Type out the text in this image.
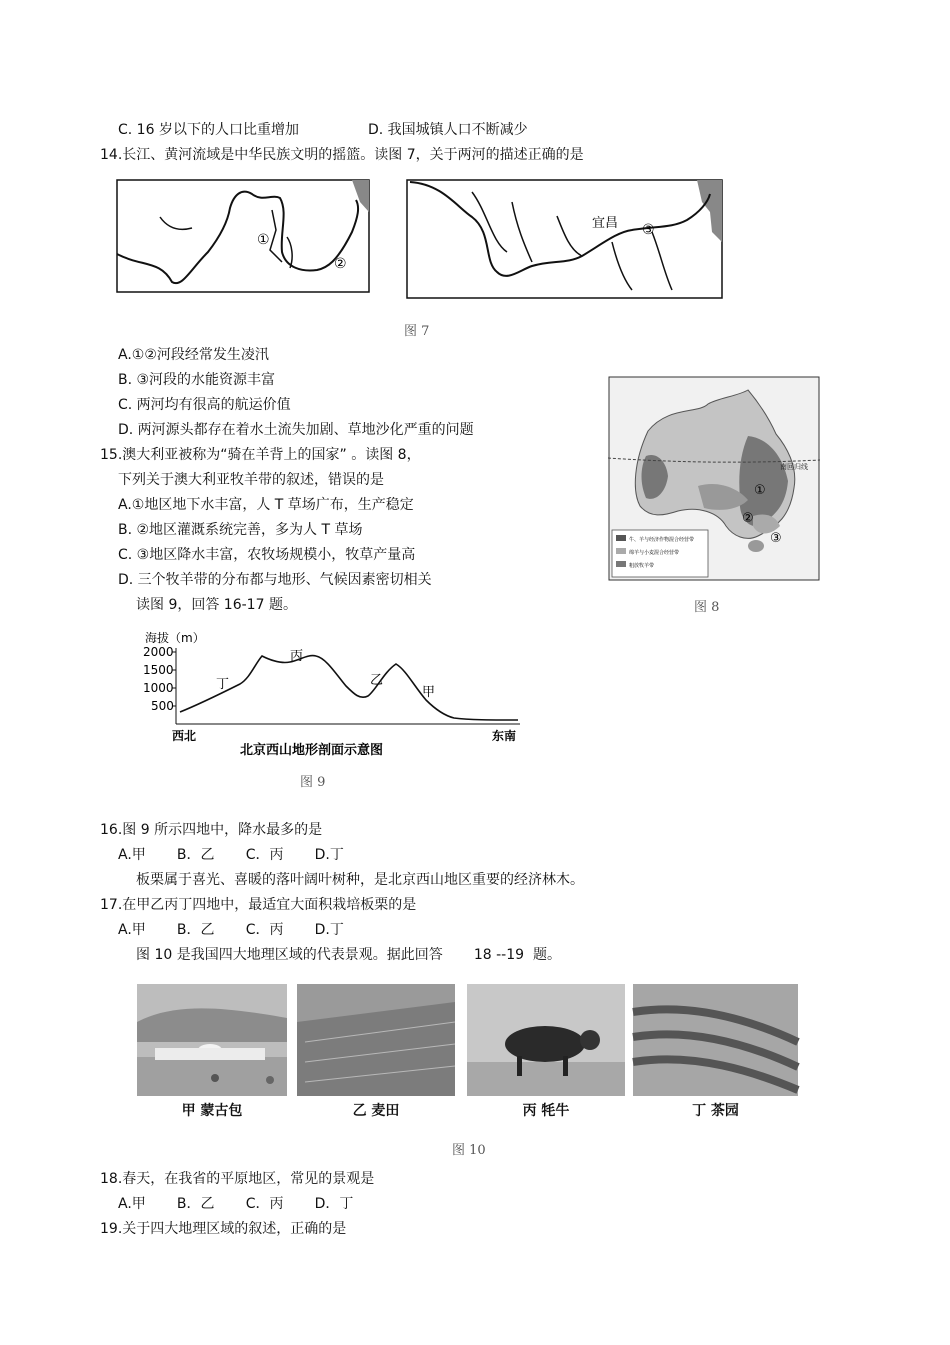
C. 16 岁以下的人口比重增加	D. 我国城镇人口不断减少
14.长江、黄河流域是中华民族文明的摇篮。读图 7，关于两河的描述正确的是
①
②
宜昌 ③
图 7
A.①②河段经常发生凌汛
B. ③河段的水能资源丰富
C. 两河均有很高的航运价值
D. 两河源头都存在着水土流失加剧、草地沙化严重的问题
南回归线
①
②
③
牛、羊与经济作物混合经营带
绵羊与小麦混合经营带
粗放牧羊带
图 8
15.澳大利亚被称为“骑在羊背上的国家” 。读图 8，
下列关于澳大利亚牧羊带的叙述，错误的是
A.①地区地下水丰富，人 T 草场广布，生产稳定
B. ②地区灌溉系统完善，多为人 T 草场
C. ③地区降水丰富，农牧场规模小，牧草产量高
D. 三个牧羊带的分布都与地形、气候因素密切相关
读图 9，回答 16-17 题。
海拔（m）
2000
1500
1000
500
丁
丙
乙
甲
西北	东南
北京西山地形剖面示意图
图 9
16.图 9 所示四地中，降水最多的是
A.甲       B．乙       C．丙       D.丁
板栗属于喜光、喜暖的落叶阔叶树种，是北京西山地区重要的经济林木。
17.在甲乙丙丁四地中，最适宜大面积栽培板栗的是
A.甲       B．乙       C．丙       D.丁
图 10 是我国四大地理区域的代表景观。据此回答       18 --19  题。
甲 蒙古包	乙 麦田	丙 牦牛	丁 茶园
图 10
18.春天，在我省的平原地区，常见的景观是
A.甲       B．乙       C．丙       D．丁
19.关于四大地理区域的叙述，正确的是
